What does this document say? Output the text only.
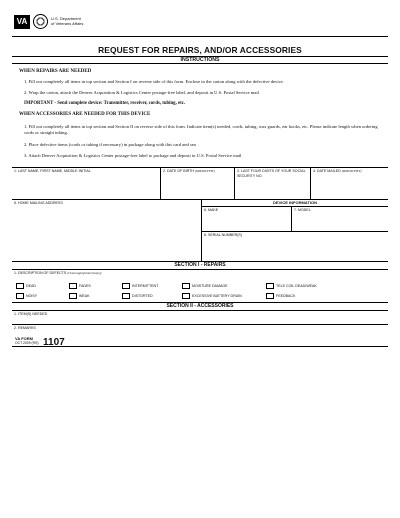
VA	U.S. Department
of Veterans Affairs
REQUEST FOR REPAIRS, AND/OR ACCESSORIES
INSTRUCTIONS
WHEN REPAIRS ARE NEEDED
1. Fill out completely all items in top section and Section I on reverse side of this form. Enclose in the carton along with the defective device.
2. Wrap the carton, attach the Denver Acquisition & Logistics Center postage-free label, and deposit in U.S. Postal Service mail
IMPORTANT - Send complete device: Transmitter, receiver, cords, tubing, etc.
WHEN ACCESSORIES ARE NEEDED FOR THIS DEVICE
1. Fill out completely all items in top section and Section II on reverse side of this form. Indicate item(s) needed, cords, tubing, wax guards, ear hooks, etc. Please indicate length when ordering cords or straight tubing.
2. Place defective items (cords or tubing if necessary) in package along with this card and sea
3. Attach Denver Acquisition & Logistics Center postage-free label to package and deposit in U.S. Postal Service mail
1. LAST NAME, FIRST NAME, MIDDLE INITIAL	2. DATE OF BIRTH (MM/DD/YYYY)	3. LAST FOUR DIGITS OF YOUR SOCIAL SECURITY NO.
4. DATE MAILED (MM/DD/YYYY)
5. HOME MAILING ADDRESS	DEVICE INFORMATION
6. MAKE	7. MODEL
8. SERIAL NUMBER(S)
SECTION I - REPAIRS
1. DESCRIPTION OF DEFECTS (Check appropriate box(es))
DEAD	FADES	INTERMITTENT	MOISTURE DAMAGE	TELE COIL DEAD/WEAK
NOISY	WEAK	DISTORTED	EXCESSIVE BATTERY DRAIN	FEEDBACK
SECTION II - ACCESSORIES
1. ITEM(S) NEEDED
2. REMARKS
VA FORM
OCT 2009 (RS) 1107
